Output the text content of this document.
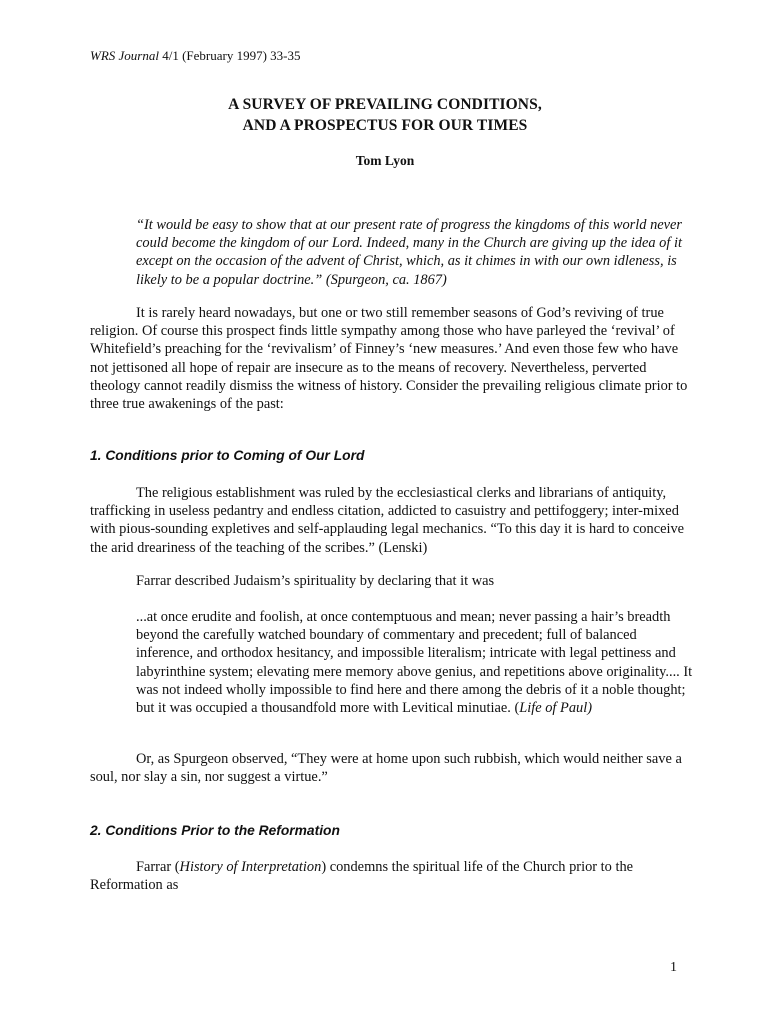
WRS Journal 4/1 (February 1997) 33-35
A SURVEY OF PREVAILING CONDITIONS,
AND A PROSPECTUS FOR OUR TIMES
Tom Lyon
“It would be easy to show that at our present rate of progress the kingdoms of this world never could become the kingdom of our Lord. Indeed, many in the Church are giving up the idea of it except on the occasion of the advent of Christ, which, as it chimes in with our own idleness, is likely to be a popular doctrine.” (Spurgeon, ca. 1867)
It is rarely heard nowadays, but one or two still remember seasons of God’s reviving of true religion. Of course this prospect finds little sympathy among those who have parleyed the ‘revival’ of Whitefield’s preaching for the ‘revivalism’ of Finney’s ‘new measures.’ And even those few who have not jettisoned all hope of repair are insecure as to the means of recovery. Nevertheless, perverted theology cannot readily dismiss the witness of history. Consider the prevailing religious climate prior to three true awakenings of the past:
1. Conditions prior to Coming of Our Lord
The religious establishment was ruled by the ecclesiastical clerks and librarians of antiquity, trafficking in useless pedantry and endless citation, addicted to casuistry and pettifoggery; inter-mixed with pious-sounding expletives and self-applauding legal mechanics. “To this day it is hard to conceive the arid dreariness of the teaching of the scribes.” (Lenski)
Farrar described Judaism’s spirituality by declaring that it was
...at once erudite and foolish, at once contemptuous and mean; never passing a hair’s breadth beyond the carefully watched boundary of commentary and precedent; full of balanced inference, and orthodox hesitancy, and impossible literalism; intricate with legal pettiness and labyrinthine system; elevating mere memory above genius, and repetitions above originality.... It was not indeed wholly impossible to find here and there among the debris of it a noble thought; but it was occupied a thousandfold more with Levitical minutiae. (Life of Paul)
Or, as Spurgeon observed, “They were at home upon such rubbish, which would neither save a soul, nor slay a sin, nor suggest a virtue.”
2. Conditions Prior to the Reformation
Farrar (History of Interpretation) condemns the spiritual life of the Church prior to the Reformation as
1
